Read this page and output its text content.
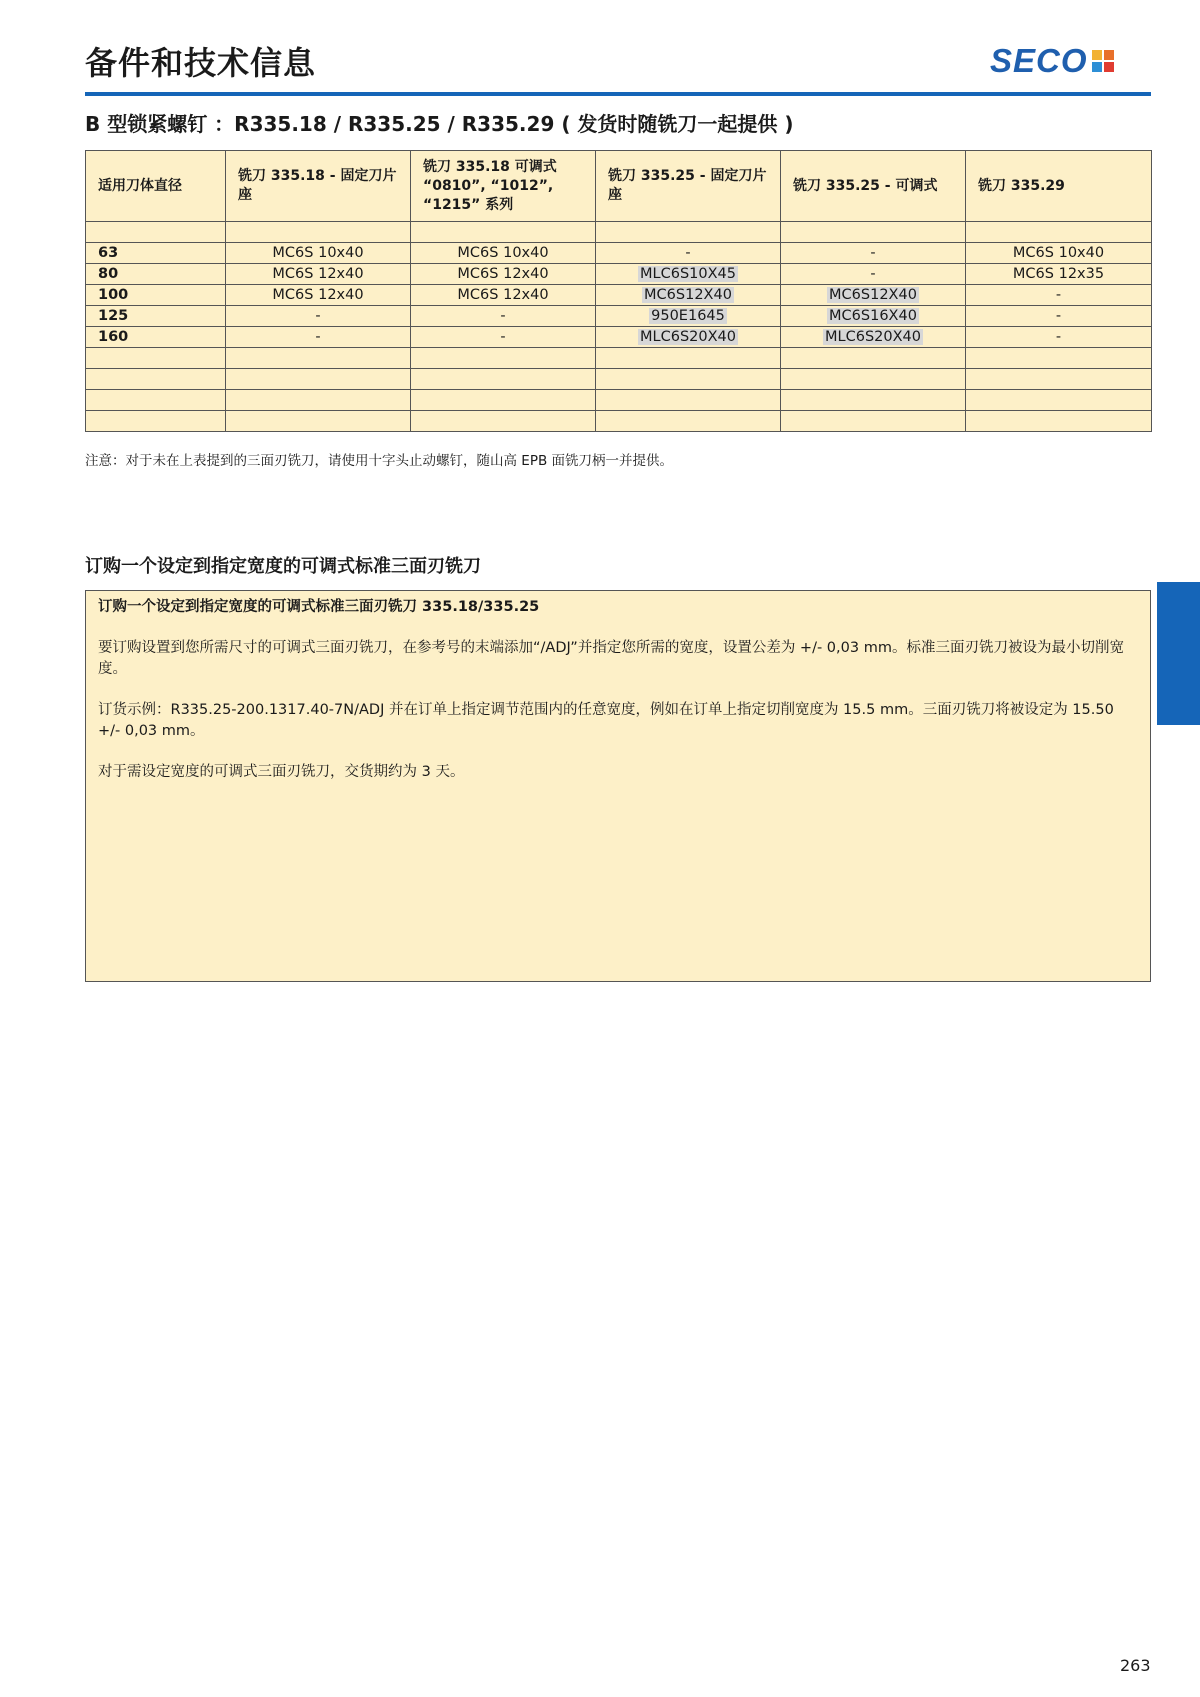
备件和技术信息	SECO
B 型锁紧螺钉 ：R335.18 / R335.25 / R335.29 ( 发货时随铣刀一起提供 )
适用刀体直径	铣刀 335.18 - 固定刀片座	铣刀 335.18 可调式 “0810”, “1012”, “1215” 系列	铣刀 335.25 - 固定刀片座	铣刀 335.25 - 可调式	铣刀 335.29

63	MC6S 10x40	MC6S 10x40	-	-	MC6S 10x40
80	MC6S 12x40	MC6S 12x40	MLC6S10X45	-	MC6S 12x35
100	MC6S 12x40	MC6S 12x40	MC6S12X40	MC6S12X40	-
125	-	-	950E1645	MC6S16X40	-
160	-	-	MLC6S20X40	MLC6S20X40	-

注意：对于未在上表提到的三面刃铣刀，请使用十字头止动螺钉，随山高 EPB 面铣刀柄一并提供。
订购一个设定到指定宽度的可调式标准三面刃铣刀
订购一个设定到指定宽度的可调式标准三面刃铣刀 335.18/335.25

要订购设置到您所需尺寸的可调式三面刃铣刀，在参考号的末端添加“/ADJ”并指定您所需的宽度，设置公差为 +/- 0,03 mm。标准三面刃铣刀被设为最小切削宽度。

订货示例：R335.25-200.1317.40-7N/ADJ 并在订单上指定调节范围内的任意宽度，例如在订单上指定切削宽度为 15.5 mm。三面刃铣刀将被设定为 15.50 +/- 0,03 mm。

对于需设定宽度的可调式三面刃铣刀，交货期约为 3 天。

263
